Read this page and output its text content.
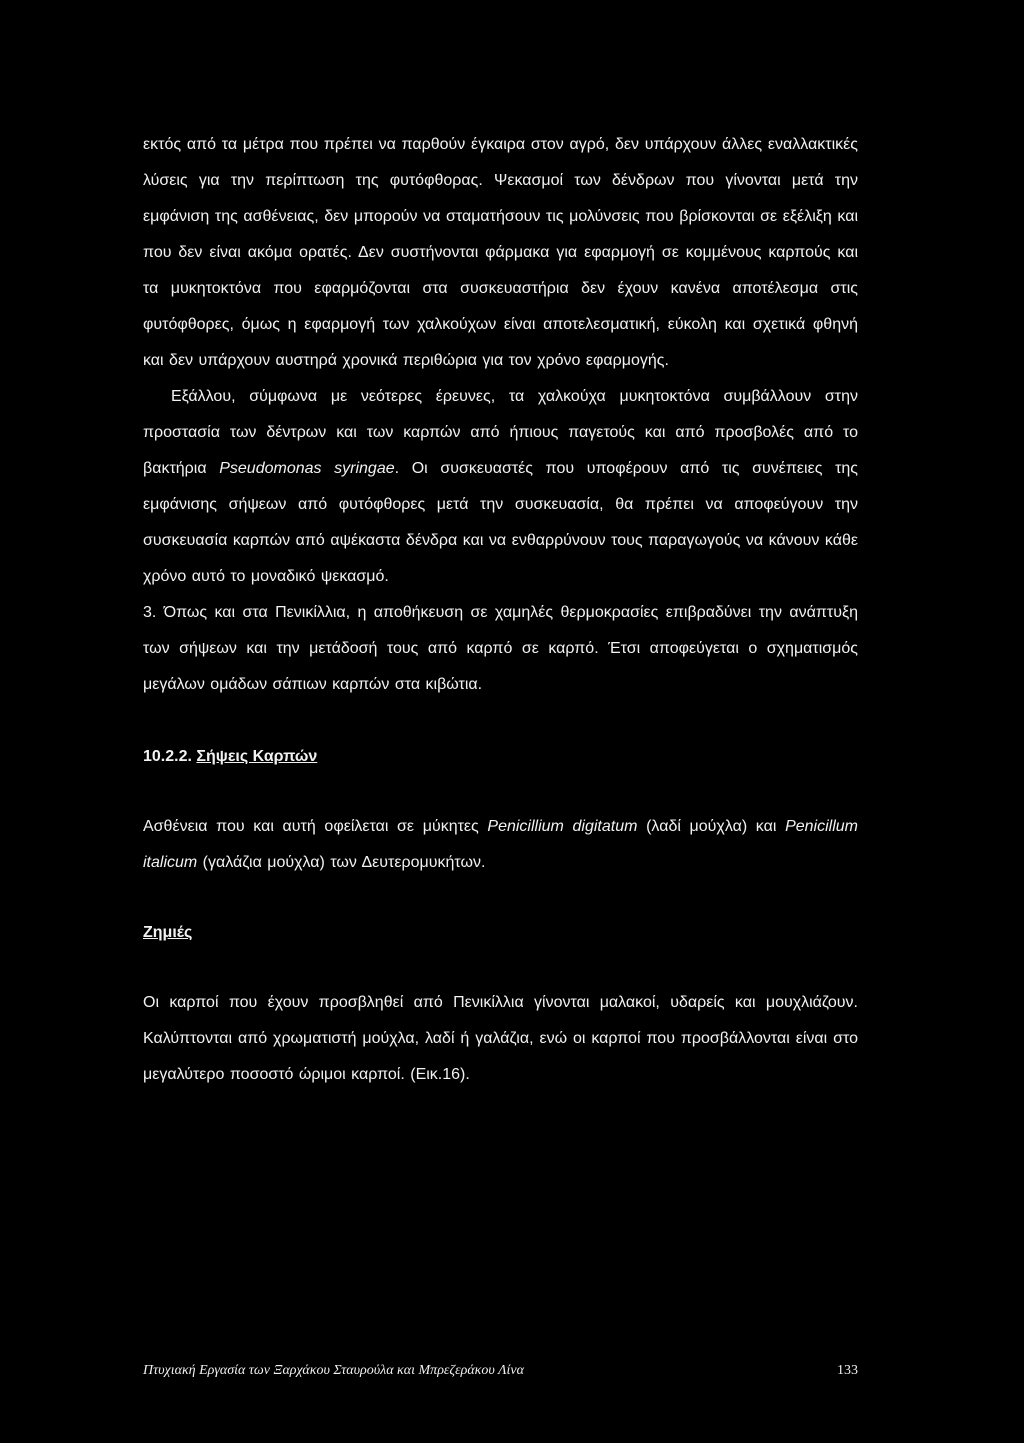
εκτός από τα μέτρα που πρέπει να παρθούν έγκαιρα στον αγρό, δεν υπάρχουν άλλες εναλλακτικές λύσεις για την περίπτωση της φυτόφθορας. Ψεκασμοί των δένδρων που γίνονται μετά την εμφάνιση της ασθένειας, δεν μπορούν να σταματήσουν τις μολύνσεις που βρίσκονται σε εξέλιξη και που δεν είναι ακόμα ορατές. Δεν συστήνονται φάρμακα για εφαρμογή σε κομμένους καρπούς και τα μυκητοκτόνα που εφαρμόζονται στα συσκευαστήρια δεν έχουν κανένα αποτέλεσμα στις φυτόφθορες, όμως η εφαρμογή των χαλκούχων είναι αποτελεσματική, εύκολη και σχετικά φθηνή και δεν υπάρχουν αυστηρά χρονικά περιθώρια για τον χρόνο εφαρμογής.
Εξάλλου, σύμφωνα με νεότερες έρευνες, τα χαλκούχα μυκητοκτόνα συμβάλλουν στην προστασία των δέντρων και των καρπών από ήπιους παγετούς και από προσβολές από το βακτήρια Pseudomonas syringae. Οι συσκευαστές που υποφέρουν από τις συνέπειες της εμφάνισης σήψεων από φυτόφθορες μετά την συσκευασία, θα πρέπει να αποφεύγουν την συσκευασία καρπών από αψέκαστα δένδρα και να ενθαρρύνουν τους παραγωγούς να κάνουν κάθε χρόνο αυτό το μοναδικό ψεκασμό.

3. Όπως και στα Πενικίλλια, η αποθήκευση σε χαμηλές θερμοκρασίες επιβραδύνει την ανάπτυξη των σήψεων και την μετάδοσή τους από καρπό σε καρπό. Έτσι αποφεύγεται ο σχηματισμός μεγάλων ομάδων σάπιων καρπών στα κιβώτια.

10.2.2. Σήψεις Καρπών

Ασθένεια που και αυτή οφείλεται σε μύκητες Penicillium digitatum (λαδί μούχλα) και Penicillum italicum (γαλάζια μούχλα) των Δευτερομυκήτων.

Ζημιές

Οι καρποί που έχουν προσβληθεί από Πενικίλλια γίνονται μαλακοί, υδαρείς και μουχλιάζουν. Καλύπτονται από χρωματιστή μούχλα, λαδί ή γαλάζια, ενώ οι καρποί που προσβάλλονται είναι στο μεγαλύτερο ποσοστό ώριμοι καρποί. (Εικ.16).

Πτυχιακή Εργασία των Ξαρχάκου Σταυρούλα και Μπρεζεράκου Λίνα	133
